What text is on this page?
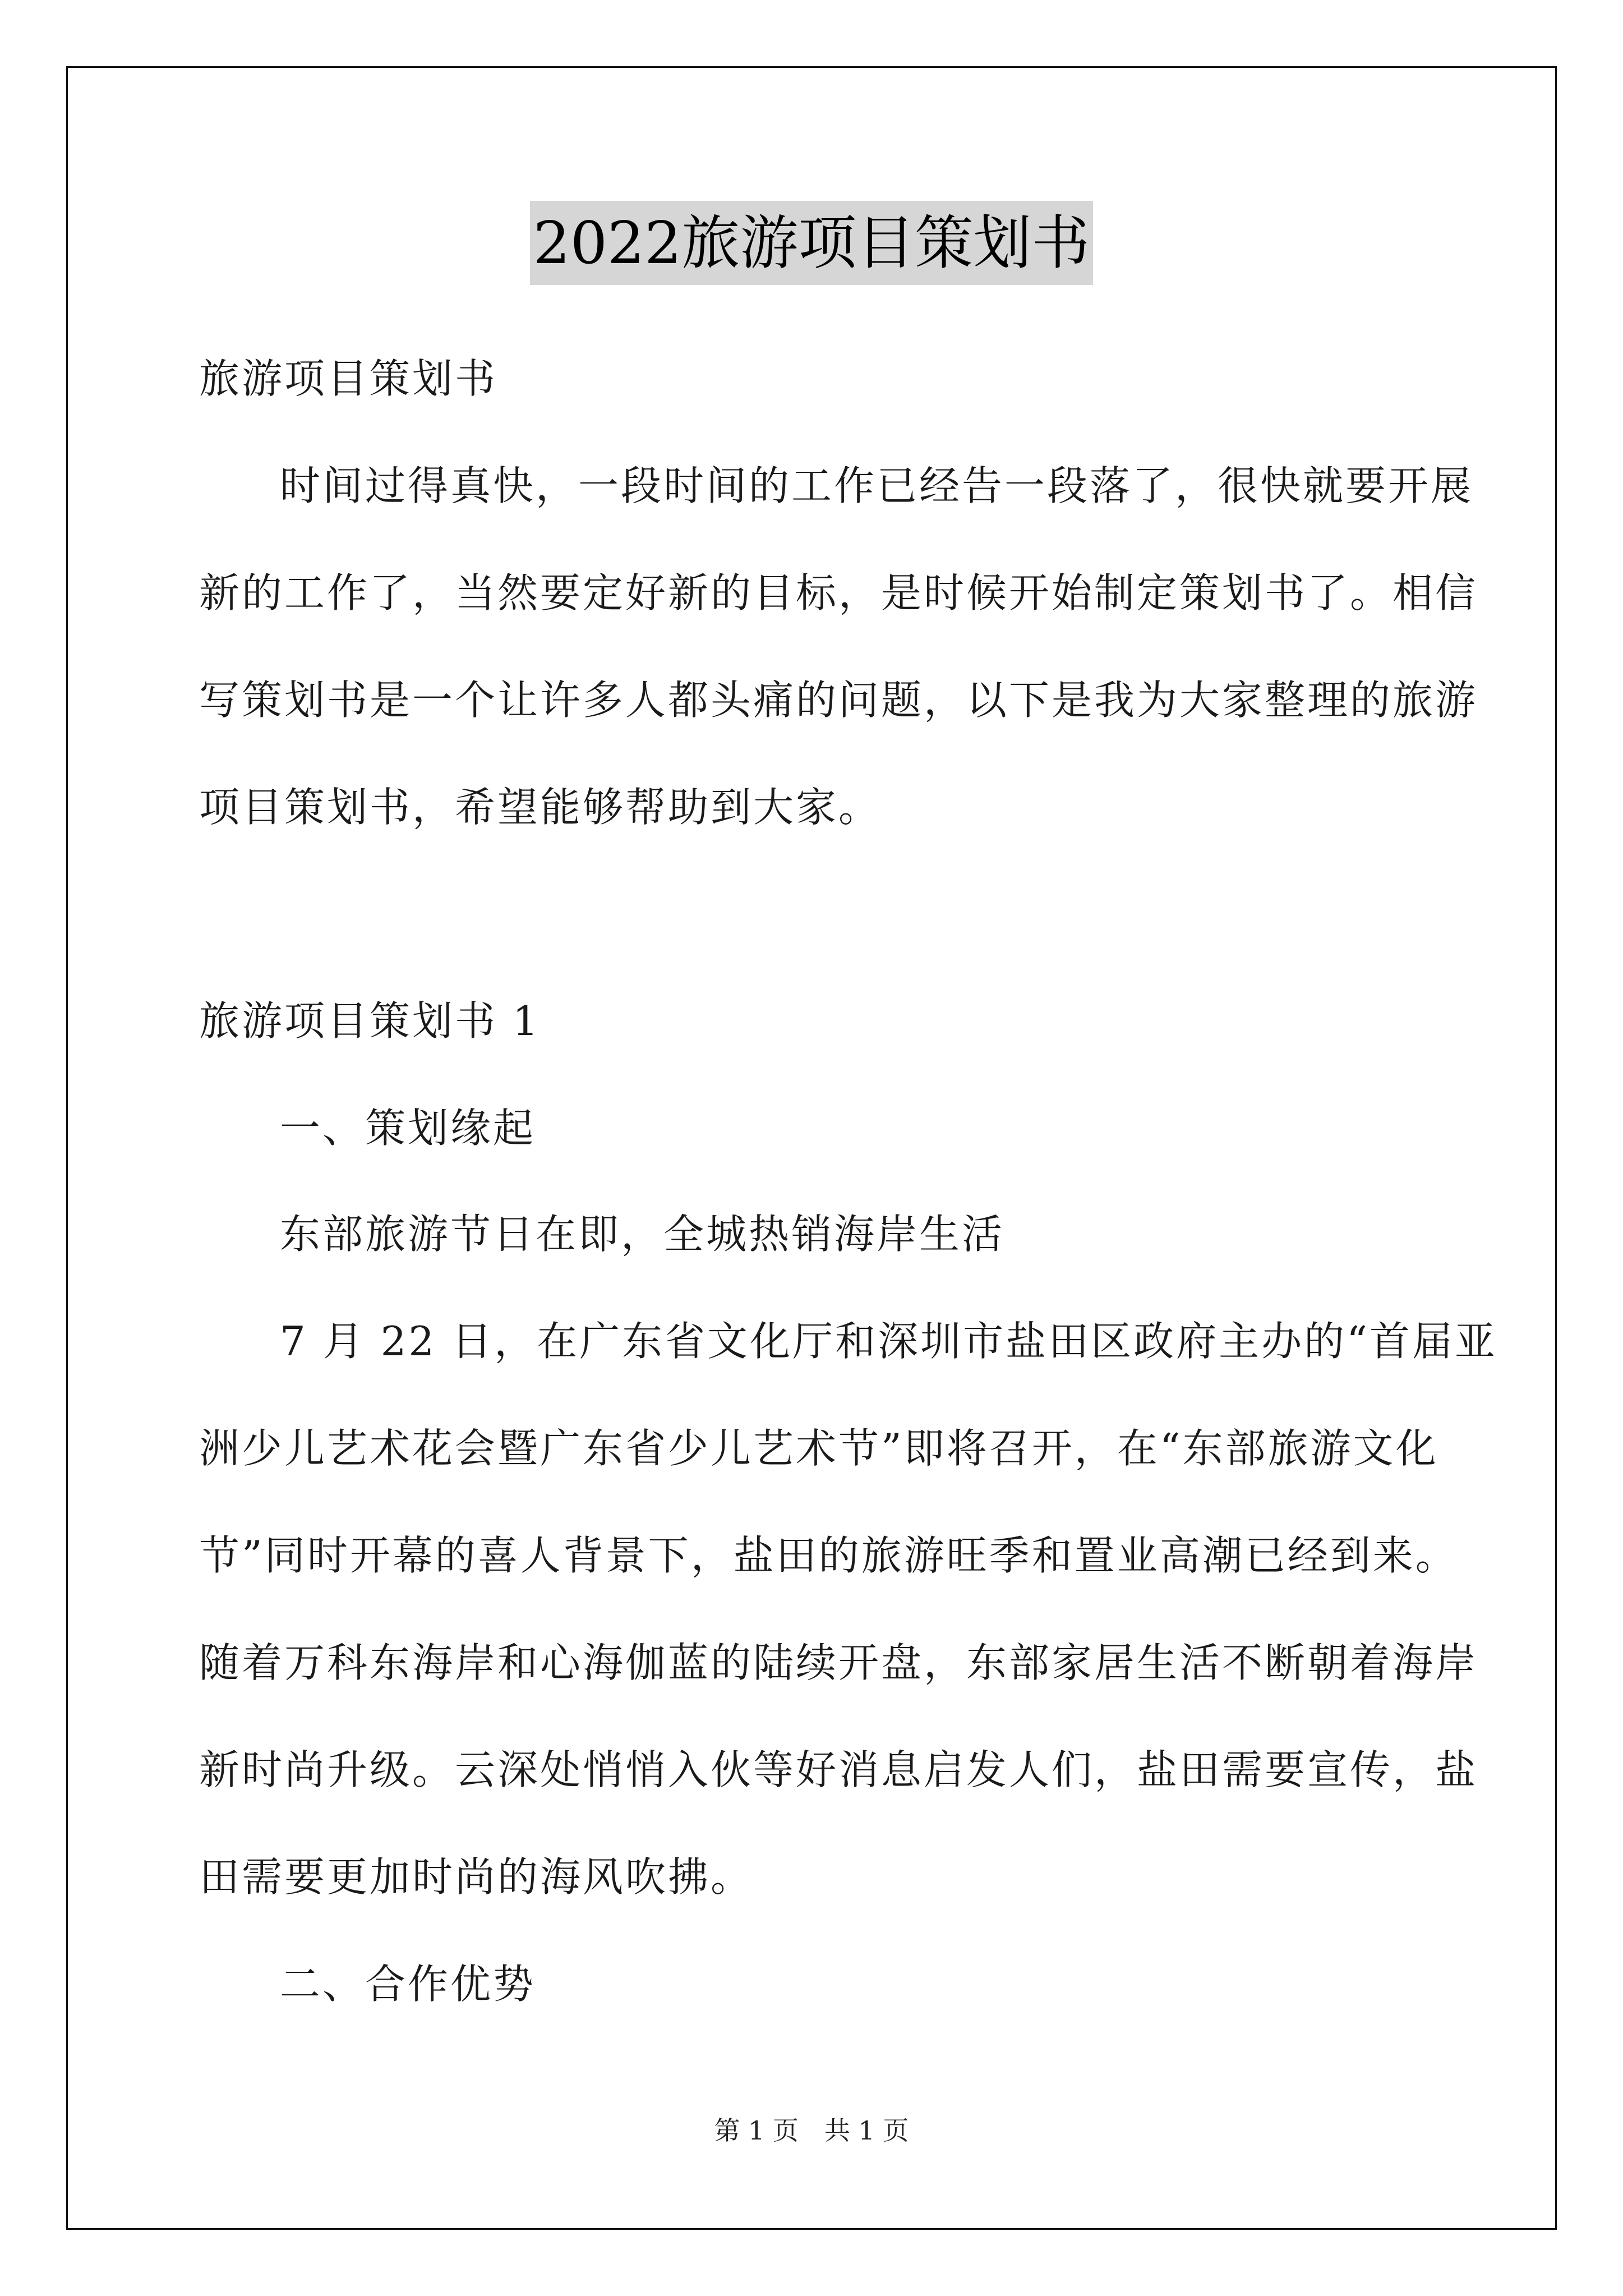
2022旅游项目策划书
旅游项目策划书
时间过得真快，一段时间的工作已经告一段落了，很快就要开展
新的工作了，当然要定好新的目标，是时候开始制定策划书了。相信
写策划书是一个让许多人都头痛的问题，以下是我为大家整理的旅游
项目策划书，希望能够帮助到大家。
旅游项目策划书 1
一、策划缘起
东部旅游节日在即，全城热销海岸生活
7 月 22 日，在广东省文化厅和深圳市盐田区政府主办的“首届亚
洲少儿艺术花会暨广东省少儿艺术节”即将召开，在“东部旅游文化
节”同时开幕的喜人背景下，盐田的旅游旺季和置业高潮已经到来。
随着万科东海岸和心海伽蓝的陆续开盘，东部家居生活不断朝着海岸
新时尚升级。云深处悄悄入伙等好消息启发人们，盐田需要宣传，盐
田需要更加时尚的海风吹拂。
二、合作优势
第 1 页　共 1 页
